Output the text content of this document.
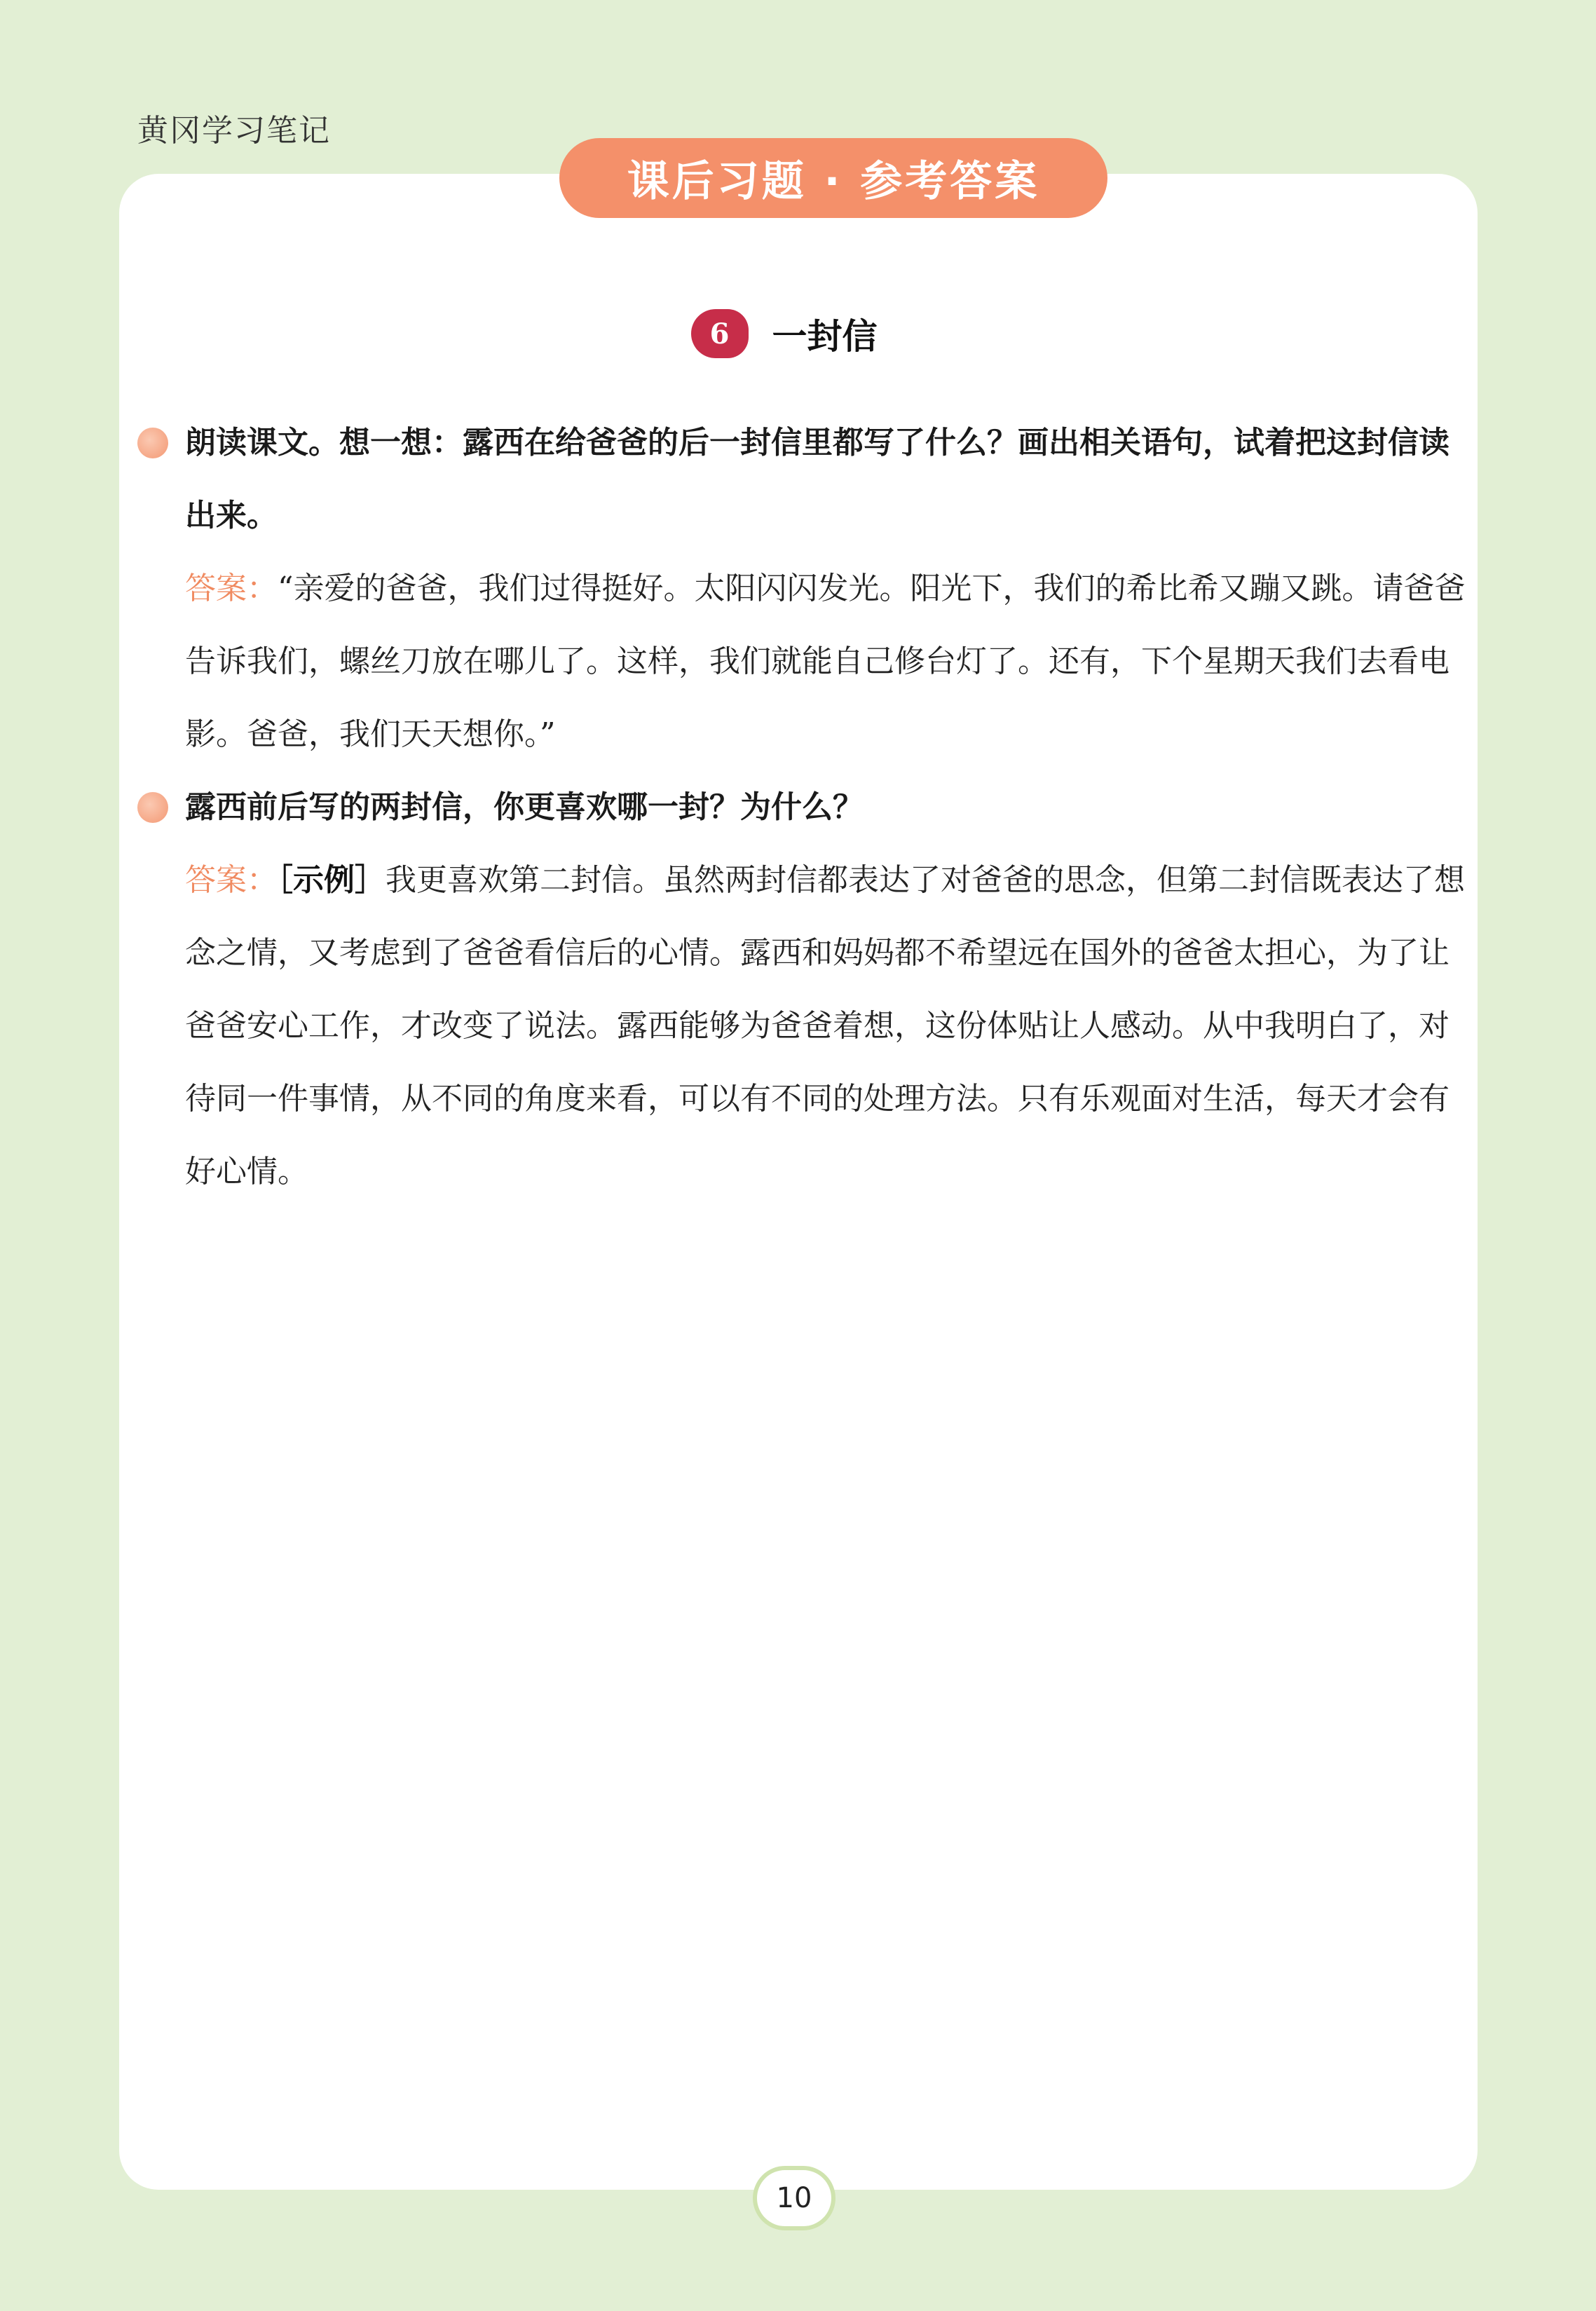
黄冈学习笔记
课后习题 · 参考答案
6	一封信
朗读课文。想一想：露西在给爸爸的后一封信里都写了什么？画出相关语句，试着把这封信读出来。
答案：“亲爱的爸爸，我们过得挺好。太阳闪闪发光。阳光下，我们的希比希又蹦又跳。请爸爸告诉我们，螺丝刀放在哪儿了。这样，我们就能自己修台灯了。还有，下个星期天我们去看电影。爸爸，我们天天想你。”
露西前后写的两封信，你更喜欢哪一封？为什么？
答案：［示例］我更喜欢第二封信。虽然两封信都表达了对爸爸的思念，但第二封信既表达了想念之情，又考虑到了爸爸看信后的心情。露西和妈妈都不希望远在国外的爸爸太担心，为了让爸爸安心工作，才改变了说法。露西能够为爸爸着想，这份体贴让人感动。从中我明白了，对待同一件事情，从不同的角度来看，可以有不同的处理方法。只有乐观面对生活，每天才会有好心情。
10
